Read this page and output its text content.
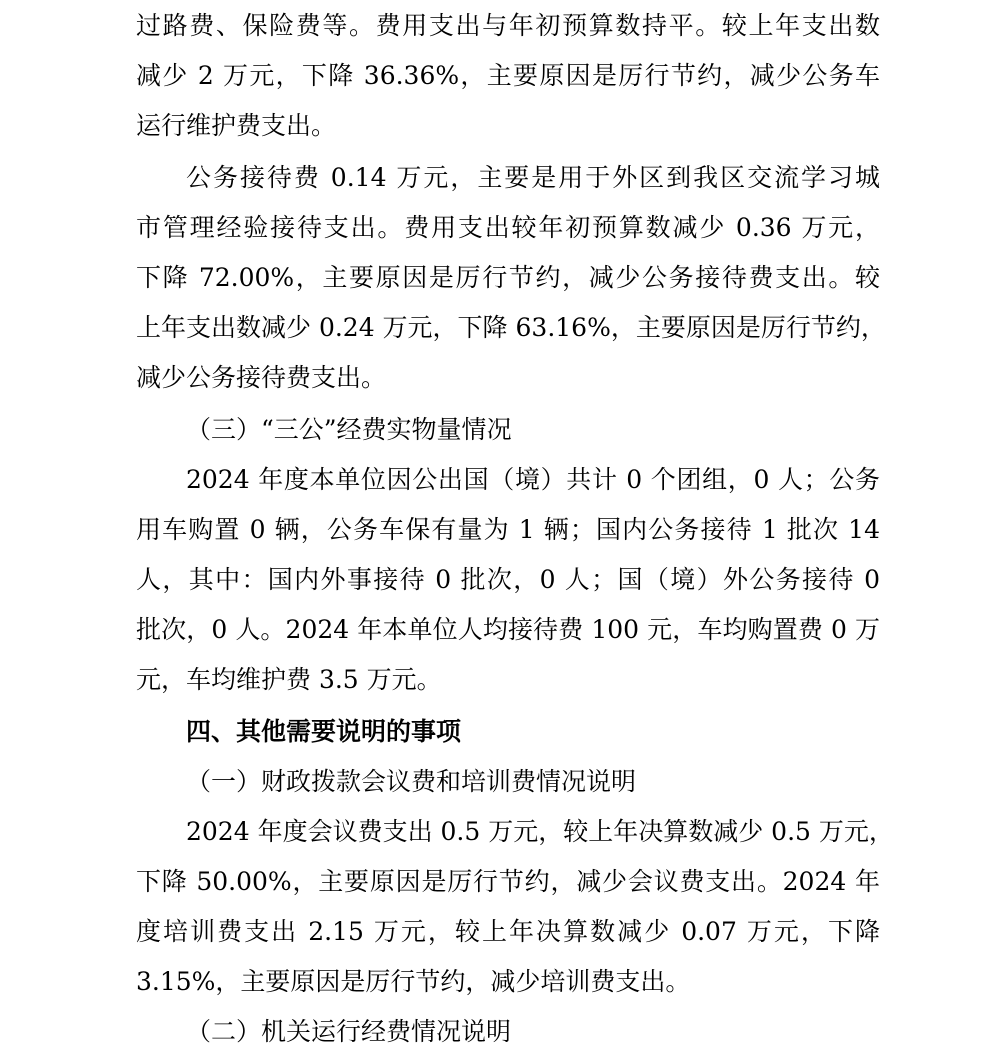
过路费、保险费等。费用支出与年初预算数持平。较上年支出数
减少 2 万元，下降 36.36%，主要原因是厉行节约，减少公务车
运行维护费支出。
公务接待费 0.14 万元，主要是用于外区到我区交流学习城
市管理经验接待支出。费用支出较年初预算数减少 0.36 万元，
下降 72.00%，主要原因是厉行节约，减少公务接待费支出。较
上年支出数减少 0.24 万元，下降 63.16%，主要原因是厉行节约，
减少公务接待费支出。
（三）“三公”经费实物量情况
2024 年度本单位因公出国（境）共计 0 个团组，0 人；公务
用车购置 0 辆，公务车保有量为 1 辆；国内公务接待 1 批次 14
人，其中：国内外事接待 0 批次，0 人；国（境）外公务接待 0
批次，0 人。2024 年本单位人均接待费 100 元，车均购置费 0 万
元，车均维护费 3.5 万元。
四、其他需要说明的事项
（一）财政拨款会议费和培训费情况说明
2024 年度会议费支出 0.5 万元，较上年决算数减少 0.5 万元，
下降 50.00%，主要原因是厉行节约，减少会议费支出。2024 年
度培训费支出 2.15 万元，较上年决算数减少 0.07 万元，下降
3.15%，主要原因是厉行节约，减少培训费支出。
（二）机关运行经费情况说明
